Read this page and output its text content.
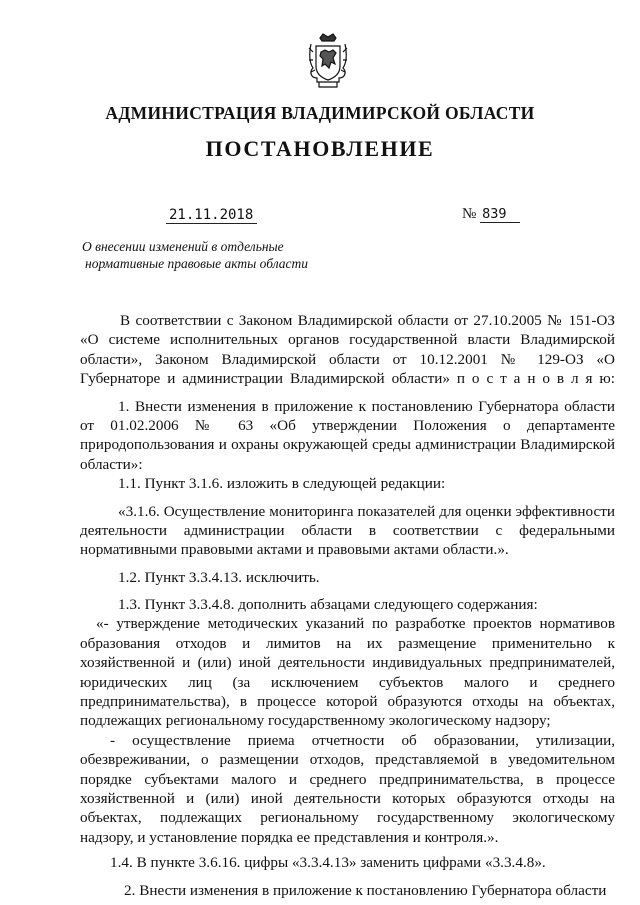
АДМИНИСТРАЦИЯ ВЛАДИМИРСКОЙ ОБЛАСТИ
ПОСТАНОВЛЕНИЕ
21.11.2018	№ 839
О внесении изменений в отдельные
нормативные правовые акты области
В соответствии с Законом Владимирской области от 27.10.2005 № 151-ОЗ
«О системе исполнительных органов государственной власти Владимирской
области», Законом Владимирской области от 10.12.2001 № 129-ОЗ «О
Губернаторе и администрации Владимирской области» п о с т а н о в л я ю:
1. Внести изменения в приложение к постановлению Губернатора области
от 01.02.2006 № 63 «Об утверждении Положения о департаменте
природопользования и охраны окружающей среды администрации Владимирской
области»:
1.1. Пункт 3.1.6. изложить в следующей редакции:
«3.1.6. Осуществление мониторинга показателей для оценки эффективности
деятельности администрации области в соответствии с федеральными
нормативными правовыми актами и правовыми актами области.».
1.2. Пункт 3.3.4.13. исключить.
1.3. Пункт 3.3.4.8. дополнить абзацами следующего содержания:
«- утверждение методических указаний по разработке проектов нормативов
образования отходов и лимитов на их размещение применительно к
хозяйственной и (или) иной деятельности индивидуальных предпринимателей,
юридических лиц (за исключением субъектов малого и среднего
предпринимательства), в процессе которой образуются отходы на объектах,
подлежащих региональному государственному экологическому надзору;
- осуществление приема отчетности об образовании, утилизации,
обезвреживании, о размещении отходов, представляемой в уведомительном
порядке субъектами малого и среднего предпринимательства, в процессе
хозяйственной и (или) иной деятельности которых образуются отходы на
объектах, подлежащих региональному государственному экологическому
надзору, и установление порядка ее представления и контроля.».
1.4. В пункте 3.6.16. цифры «3.3.4.13» заменить цифрами «3.3.4.8».
2. Внести изменения в приложение к постановлению Губернатора области
